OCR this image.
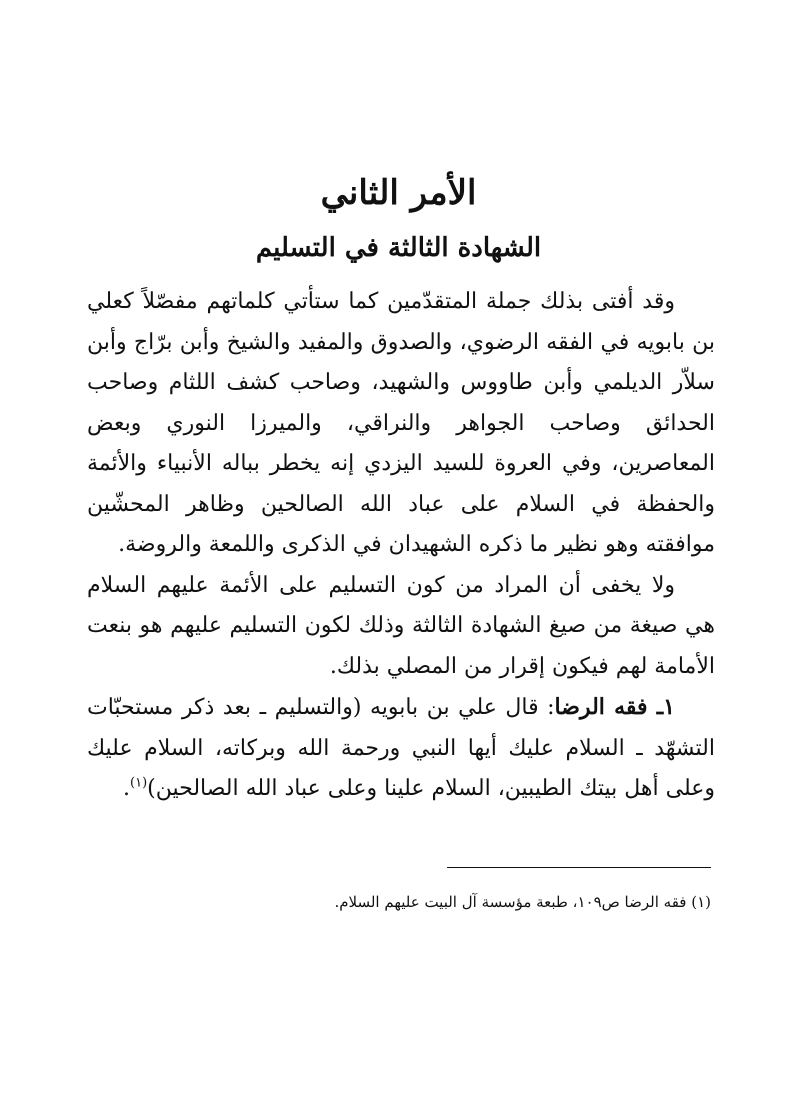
الأمر الثاني
الشهادة الثالثة في التسليم

وقد أفتى بذلك جملة المتقدّمين كما ستأتي كلماتهم مفصّلاً كعلي بن بابويه في الفقه الرضوي، والصدوق والمفيد والشيخ وأبن برّاج وأبن سلاّر الديلمي وأبن طاووس والشهيد، وصاحب كشف اللثام وصاحب الحدائق وصاحب الجواهر والنراقي، والميرزا النوري وبعض المعاصرين، وفي العروة للسيد اليزدي إنه يخطر بباله الأنبياء والأئمة والحفظة في السلام على عباد الله الصالحين وظاهر المحشّين موافقته وهو نظير ما ذكره الشهيدان في الذكرى واللمعة والروضة.

ولا يخفى أن المراد من كون التسليم على الأئمة عليهم السلام هي صيغة من صيغ الشهادة الثالثة وذلك لكون التسليم عليهم هو بنعت الأمامة لهم فيكون إقرار من المصلي بذلك.

١ـ فقه الرضا: قال علي بن بابويه (والتسليم ـ بعد ذكر مستحبّات التشهّد ـ السلام عليك أيها النبي ورحمة الله وبركاته، السلام عليك وعلى أهل بيتك الطيبين، السلام علينا وعلى عباد الله الصالحين)$^{(١)}$.

(١) فقه الرضا ص١٠٩، طبعة مؤسسة آل البيت عليهم السلام.
